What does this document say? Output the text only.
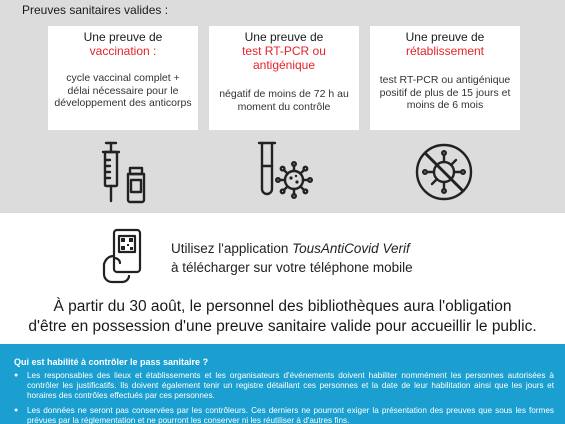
Preuves sanitaires valides :
Une preuve de
vaccination :
cycle vaccinal complet + délai nécessaire pour le développement des anticorps
Une preuve de
test RT-PCR ou
antigénique
négatif de moins de 72 h au moment du contrôle
Une preuve de
rétablissement
test RT-PCR ou antigénique positif de plus de 15 jours et moins de 6 mois
Utilisez l'application TousAntiCovid Verif
à télécharger sur votre téléphone mobile
À partir du 30 août, le personnel des bibliothèques aura l'obligation
d'être en possession d'une preuve sanitaire valide pour accueillir le public.
Qui est habilité à contrôler le pass sanitaire ?
● Les responsables des lieux et établissements et les organisateurs d'événements doivent habiliter nommément les personnes autorisées à contrôler les justificatifs. Ils doivent également tenir un registre détaillant ces personnes et la date de leur habilitation ainsi que les jours et horaires des contrôles effectués par ces personnes.
● Les données ne seront pas conservées par les contrôleurs. Ces derniers ne pourront exiger la présentation des preuves que sous les formes prévues par la réglementation et ne pourront les conserver ni les réutiliser à d'autres fins.
